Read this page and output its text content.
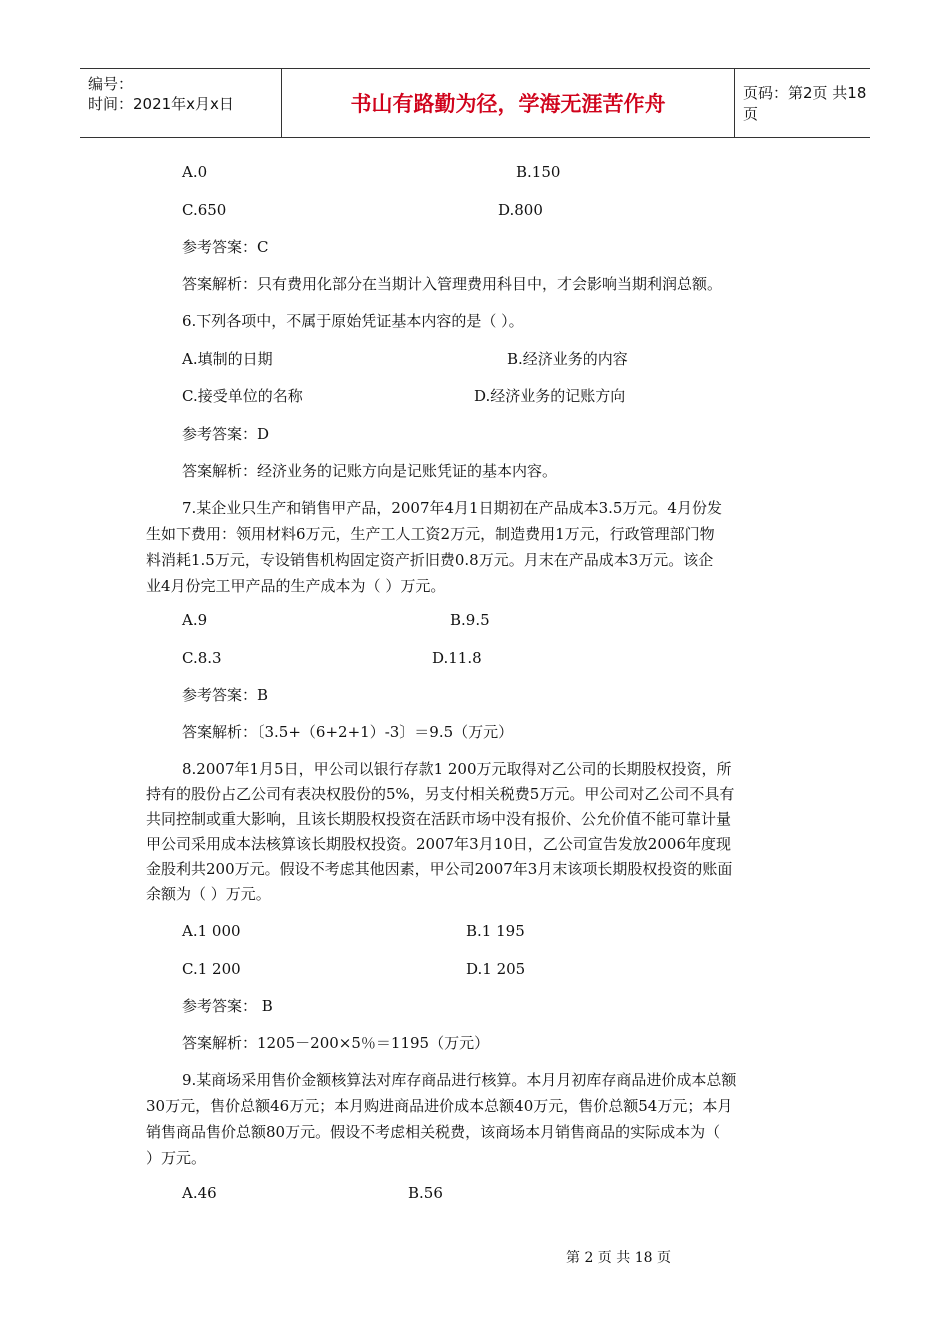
编号：
时间：2021年x月x日	书山有路勤为径，学海无涯苦作舟	页码：第2页 共18页
A.0	B.150
C.650	D.800
参考答案：C
答案解析：只有费用化部分在当期计入管理费用科目中，才会影响当期利润总额。
6.下列各项中，不属于原始凭证基本内容的是（ ）。
A.填制的日期	B.经济业务的内容
C.接受单位的名称	D.经济业务的记账方向
参考答案：D
答案解析：经济业务的记账方向是记账凭证的基本内容。
7.某企业只生产和销售甲产品，2007年4月1日期初在产品成本3.5万元。4月份发
生如下费用：领用材料6万元，生产工人工资2万元，制造费用1万元，行政管理部门物
料消耗1.5万元，专设销售机构固定资产折旧费0.8万元。月末在产品成本3万元。该企
业4月份完工甲产品的生产成本为（ ）万元。
A.9	B.9.5
C.8.3	D.11.8
参考答案：B
答案解析：〔3.5+（6+2+1）-3〕＝9.5（万元）
8.2007年1月5日，甲公司以银行存款1 200万元取得对乙公司的长期股权投资，所
持有的股份占乙公司有表决权股份的5%，另支付相关税费5万元。甲公司对乙公司不具有
共同控制或重大影响，且该长期股权投资在活跃市场中没有报价、公允价值不能可靠计量
甲公司采用成本法核算该长期股权投资。2007年3月10日，乙公司宣告发放2006年度现
金股利共200万元。假设不考虑其他因素，甲公司2007年3月末该项长期股权投资的账面
余额为（ ）万元。
A.1 000	B.1 195
C.1 200	D.1 205
参考答案： B
答案解析：1205－200×5％＝1195（万元）
9.某商场采用售价金额核算法对库存商品进行核算。本月月初库存商品进价成本总额
30万元，售价总额46万元；本月购进商品进价成本总额40万元，售价总额54万元；本月
销售商品售价总额80万元。假设不考虑相关税费，该商场本月销售商品的实际成本为（
）万元。
A.46	B.56
第 2 页 共 18 页
